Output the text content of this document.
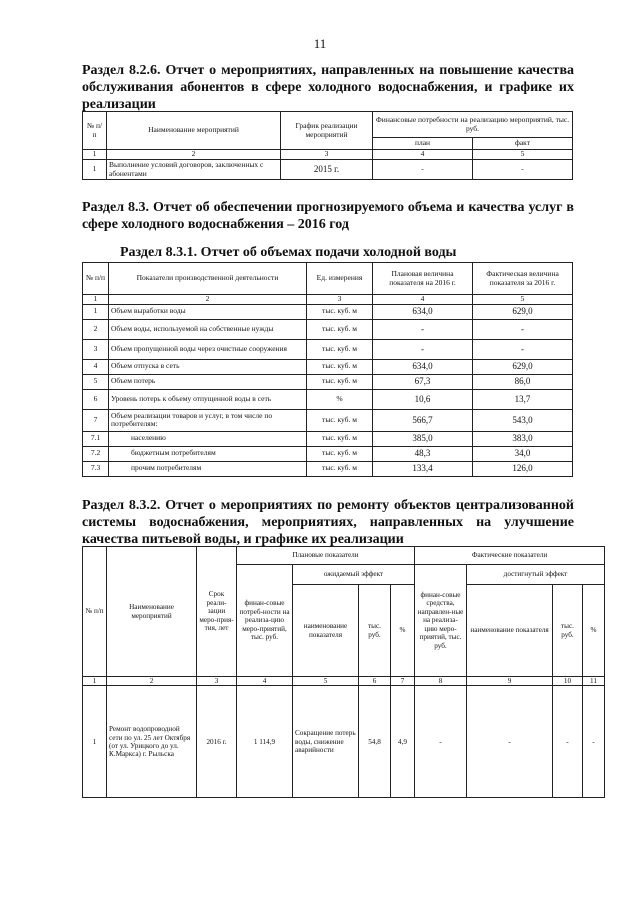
11
Раздел 8.2.6. Отчет о мероприятиях, направленных на повышение качества обслуживания абонентов в сфере холодного водоснабжения, и графике их реализации
№ п/п	Наименование мероприятий	График реализации мероприятий	Финансовые потребности на реализацию мероприятий, тыс. руб.	
			план	факт
1	2	3	4	5
1	Выполнение условий договоров, заключенных с абонентами	2015 г.	-	-
Раздел 8.3. Отчет об обеспечении прогнозируемого объема и качества услуг в сфере холодного водоснабжения – 2016 год
Раздел 8.3.1. Отчет об объемах подачи холодной воды
№ п/п	Показатели производственной деятельности	Ед. измерения	Плановая величина показателя на 2016 г.	Фактическая величина показателя за 2016 г.
1	2	3	4	5
1	Объем выработки воды	тыс. куб. м	634,0	629,0
2	Объем воды, используемой на собственные нужды	тыс. куб. м	-	-
3	Объем пропущенной воды через очистные сооружения	тыс. куб. м	-	-
4	Объем отпуска в сеть	тыс. куб. м	634,0	629,0
5	Объем потерь	тыс. куб. м	67,3	86,0
6	Уровень потерь к объему отпущенной воды в сеть	%	10,6	13,7
7	Объем реализации товаров и услуг, в том числе по потребителям:	тыс. куб. м	566,7	543,0
7.1	населению	тыс. куб. м	385,0	383,0
7.2	бюджетным потребителям	тыс. куб. м	48,3	34,0
7.3	прочим потребителям	тыс. куб. м	133,4	126,0
Раздел 8.3.2. Отчет о мероприятиях по ремонту объектов централизованной системы водоснабжения, мероприятиях, направленных на улучшение качества питьевой воды, и графике их реализации
№ п/п	Наименование мероприятий	Срок реали-зации меро-прия-тия, лет	Плановые показатели				Фактические показатели			
			финан-совые потреб-ности на реализа-цию меро-приятий, тыс. руб.	ожидаемый эффект			финан-совые средства, направлен-ные на реализа-цию меро-приятий, тыс. руб.	достигнутый эффект		
				наименование показателя	тыс. руб.	%		наименование показателя	тыс. руб.	%
1	2	3	4	5	6	7	8	9	10	11
1	Ремонт водопроводной сети по ул. 25 лет Октября (от ул. Урицкого до ул. К.Маркса) г. Рыльска	2016 г.	1 114,9	Сокращение потерь воды, снижение аварийности	54,8	4,9	-	-	-	-
